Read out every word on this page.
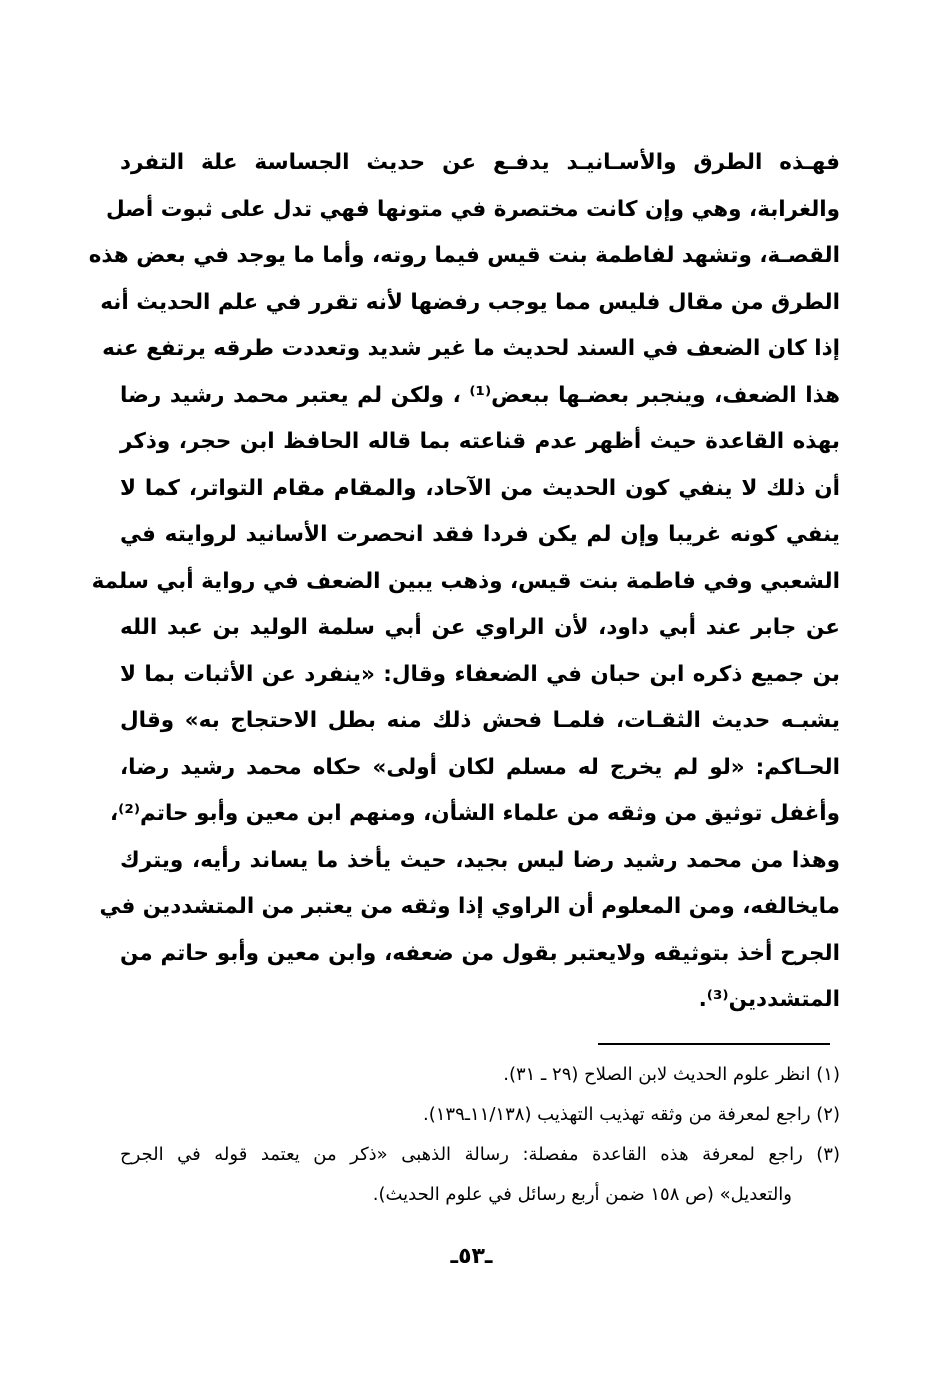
فهـذه الطرق والأسـانيـد يدفـع عن حديث الجساسة علة التفرد
والغرابة، وهي وإن كانت مختصرة في متونها فهي تدل على ثبوت أصل
القصـة، وتشهد لفاطمة بنت قيس فيما روته، وأما ما يوجد في بعض هذه
الطرق من مقال فليس مما يوجب رفضها لأنه تقرر في علم الحديث أنه
إذا كان الضعف في السند لحديث ما غير شديد وتعددت طرقه يرتفع عنه
هذا الضعف، وينجبر بعضـها ببعض⁽¹⁾ ، ولكن لم يعتبر محمد رشيد رضا
بهذه القاعدة حيث أظهر عدم قناعته بما قاله الحافظ ابن حجر، وذكر
أن ذلك لا ينفي كون الحديث من الآحاد، والمقام مقام التواتر، كما لا
ينفي كونه غريبا وإن لم يكن فردا فقد انحصرت الأسانيد لروايته في
الشعبي وفي فاطمة بنت قيس، وذهب يبين الضعف في رواية أبي سلمة
عن جابر عند أبي داود، لأن الراوي عن أبي سلمة الوليد بن عبد الله
بن جميع ذكره ابن حبان في الضعفاء وقال: «ينفرد عن الأثبات بما لا
يشبـه حديث الثقـات، فلمـا فحش ذلك منه بطل الاحتجاج به» وقال
الحـاكم: «لو لم يخرج له مسلم لكان أولى» حكاه محمد رشيد رضا،
وأغفل توثيق من وثقه من علماء الشأن، ومنهم ابن معين وأبو حاتم⁽²⁾،
وهذا من محمد رشيد رضا ليس بجيد، حيث يأخذ ما يساند رأيه، ويترك
مايخالفه، ومن المعلوم أن الراوي إذا وثقه من يعتبر من المتشددين في
الجرح أخذ بتوثيقه ولايعتبر بقول من ضعفه، وابن معين وأبو حاتم من
المتشددين⁽³⁾.
(١) انظر علوم الحديث لابن الصلاح (٢٩ ـ ٣١).
(٢) راجع لمعرفة من وثقه تهذيب التهذيب (١١/١٣٨ـ١٣٩).
(٣) راجع لمعرفة هذه القاعدة مفصلة: رسالة الذهبى «ذكر من يعتمد قوله في الجرح
والتعديل» (ص ١٥٨ ضمن أربع رسائل في علوم الحديث).
ـ٥٣ـ
